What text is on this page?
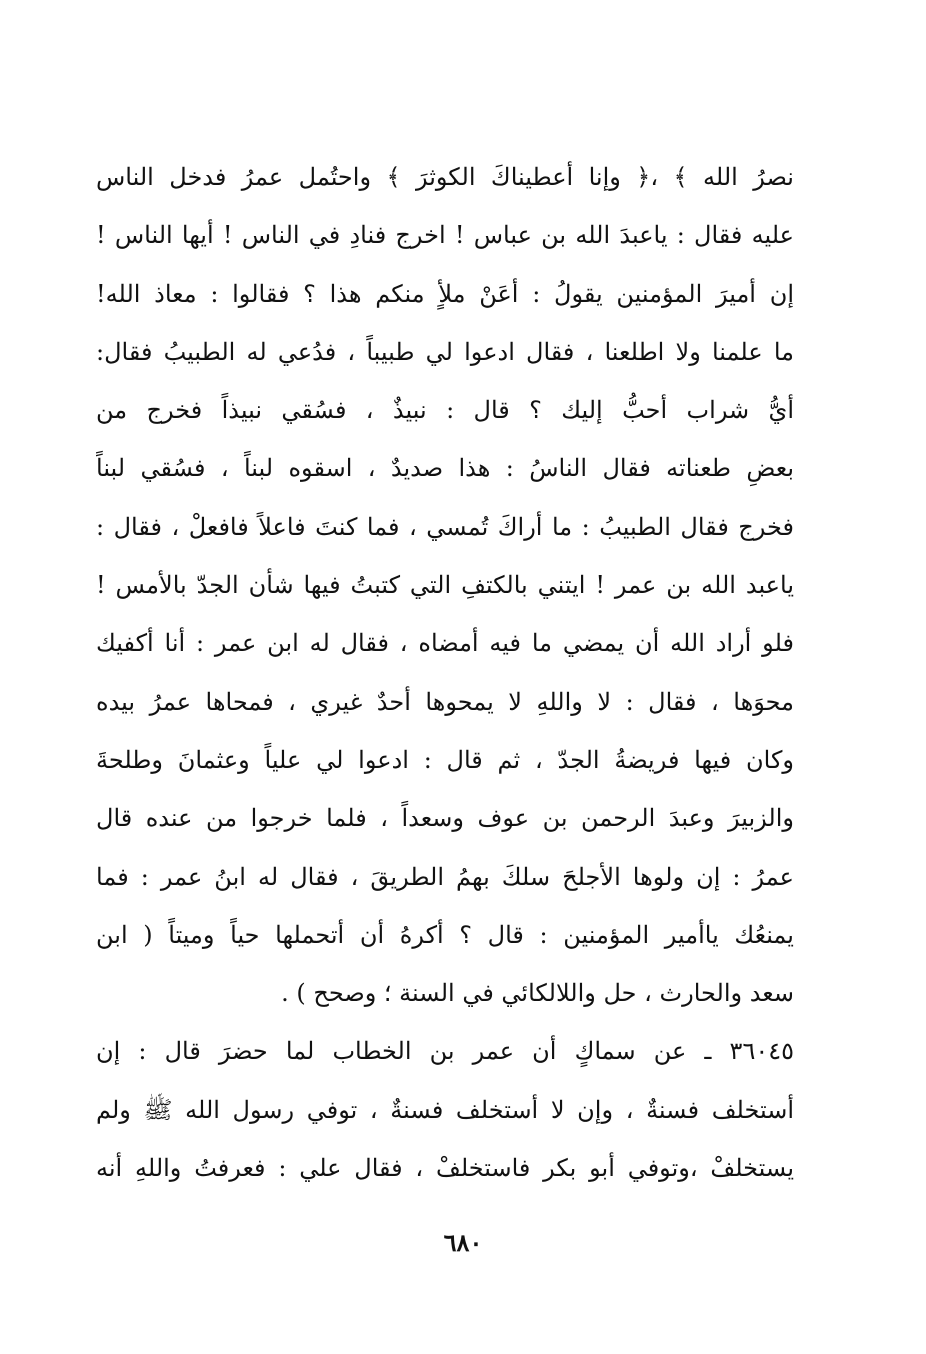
نصرُ الله ﴾ ،﴿ وإنا أعطيناكَ الكوثرَ ﴾ واحتُمل عمرُ فدخل الناس
عليه فقال : ياعبدَ الله بن عباس ! اخرج فنادِ في الناس ! أيها الناس !
إن أميرَ المؤمنين يقولُ : أعَنْ ملأٍ منكم هذا ؟ فقالوا : معاذ الله!
ما علمنا ولا اطلعنا ، فقال ادعوا لي طبيباً ، فدُعي له الطبيبُ فقال:
أيُّ شراب أحبُّ إليك ؟ قال : نبيذٌ ، فسُقي نبيذاً فخرج من
بعضِ طعناته فقال الناسُ : هذا صديدٌ ، اسقوه لبناً ، فسُقي لبناً
فخرج فقال الطبيبُ : ما أراكَ تُمسي ، فما كنتَ فاعلاً فافعلْ ، فقال :
ياعبد الله بن عمر ! ايتني بالكتفِ التي كتبتُ فيها شأن الجدّ بالأمس !
فلو أراد الله أن يمضي ما فيه أمضاه ، فقال له ابن عمر : أنا أكفيك
محوَها ، فقال : لا واللهِ لا يمحوها أحدٌ غيري ، فمحاها عمرُ بيده
وكان فيها فريضةُ الجدّ ، ثم قال : ادعوا لي علياً وعثمانَ وطلحةَ
والزبيرَ وعبدَ الرحمن بن عوف وسعداً ، فلما خرجوا من عنده قال
عمرُ : إن ولوها الأجلحَ سلكَ بهمُ الطريقَ ، فقال له ابنُ عمر : فما
يمنعُك ياأمير المؤمنين : قال ؟ أكرهُ أن أتحملها حياً وميتاً ( ابن
سعد والحارث ، حل واللالكائي في السنة ؛ وصحح ) .
٣٦٠٤٥ ـ عن سماكٍ أن عمر بن الخطاب لما حضرَ قال : إن
أستخلف فسنةٌ ، وإن لا أستخلف فسنةٌ ، توفي رسول الله ﷺ ولم
يستخلفْ ،وتوفي أبو بكر فاستخلفْ ، فقال علي : فعرفتُ واللهِ أنه
٦٨٠
